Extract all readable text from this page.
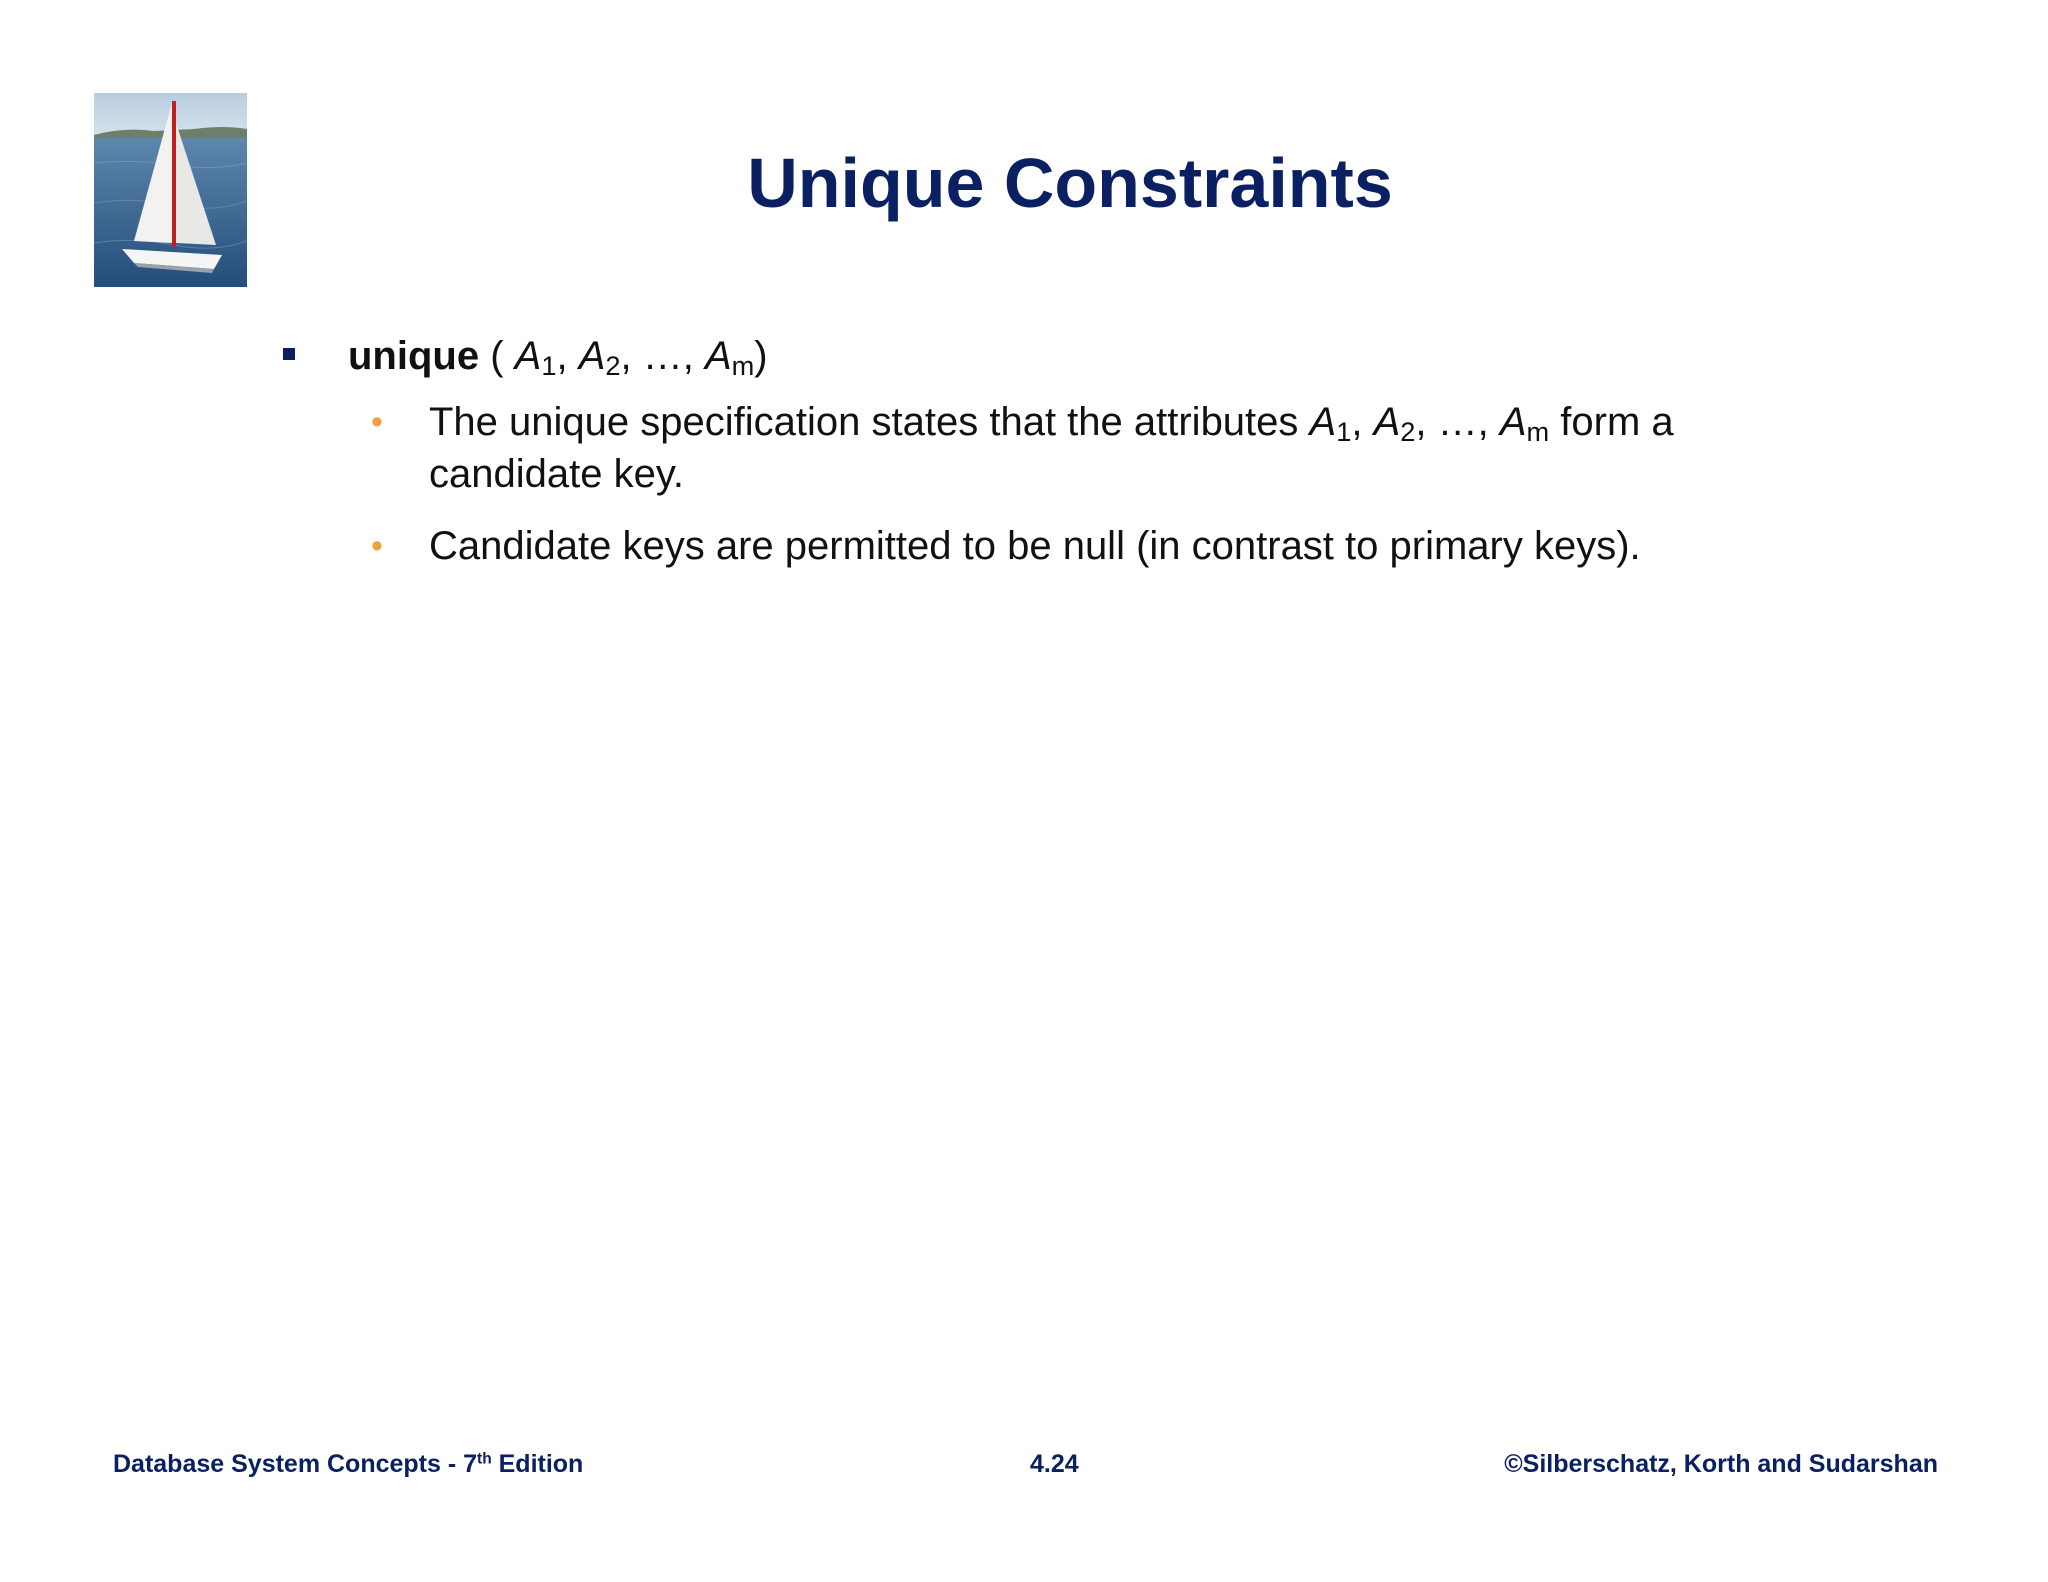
Unique Constraints
unique ( $A_1$, $A_2$, …, $A_m$)
• The unique specification states that the attributes $A_1$, $A_2$, …, $A_m$ form a candidate key.
• Candidate keys are permitted to be null (in contrast to primary keys).
Database System Concepts - 7th Edition	4.24	©Silberschatz, Korth and Sudarshan
